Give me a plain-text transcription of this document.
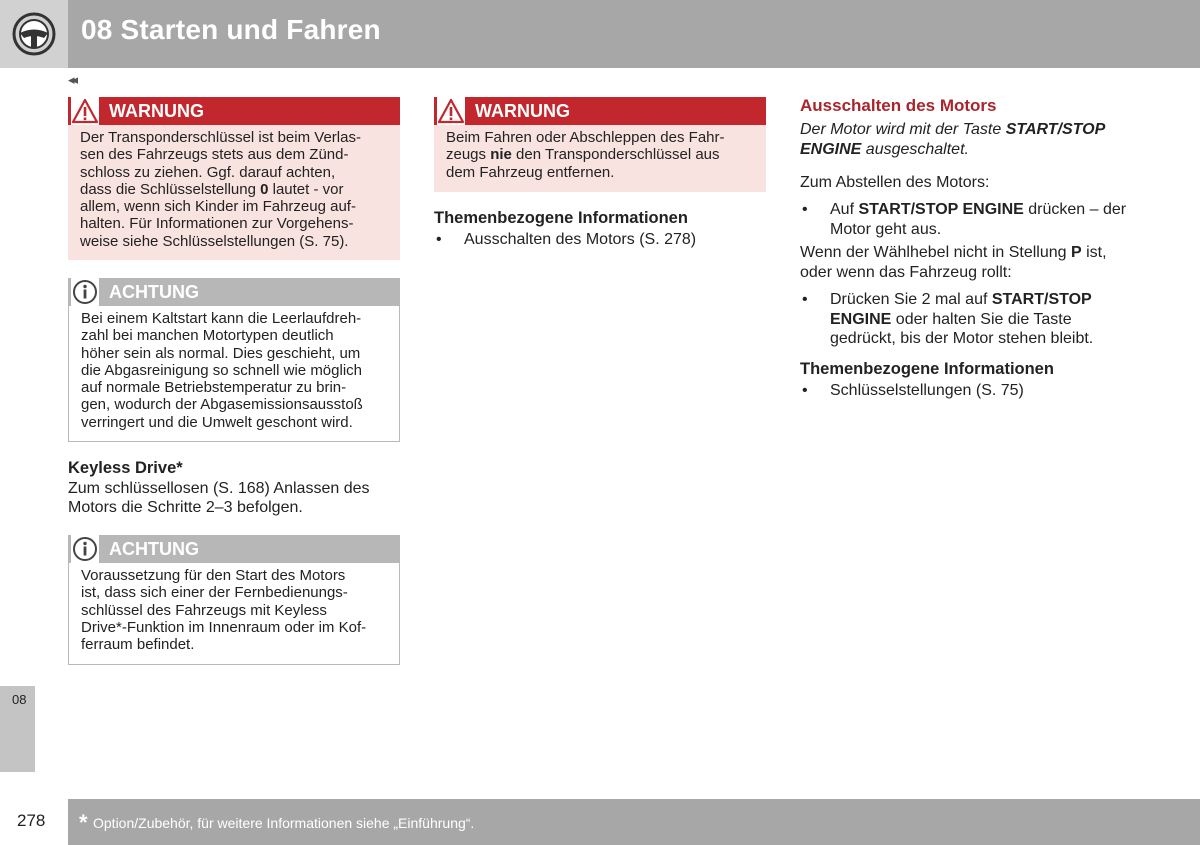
08 Starten und Fahren
◂◂
WARNUNG
Der Transponderschlüssel ist beim Verlas-
sen des Fahrzeugs stets aus dem Zünd-
schloss zu ziehen. Ggf. darauf achten,
dass die Schlüsselstellung 0 lautet - vor
allem, wenn sich Kinder im Fahrzeug auf-
halten. Für Informationen zur Vorgehens-
weise siehe Schlüsselstellungen (S. 75).
ACHTUNG
Bei einem Kaltstart kann die Leerlaufdreh-
zahl bei manchen Motortypen deutlich
höher sein als normal. Dies geschieht, um
die Abgasreinigung so schnell wie möglich
auf normale Betriebstemperatur zu brin-
gen, wodurch der Abgasemissionsausstoß
verringert und die Umwelt geschont wird.
Keyless Drive*
Zum schlüssellosen (S. 168) Anlassen des
Motors die Schritte 2–3 befolgen.
ACHTUNG
Voraussetzung für den Start des Motors
ist, dass sich einer der Fernbedienungs-
schlüssel des Fahrzeugs mit Keyless
Drive*-Funktion im Innenraum oder im Kof-
ferraum befindet.
WARNUNG
Beim Fahren oder Abschleppen des Fahr-
zeugs nie den Transponderschlüssel aus
dem Fahrzeug entfernen.
Themenbezogene Informationen
• Ausschalten des Motors (S. 278)
Ausschalten des Motors
Der Motor wird mit der Taste START/STOP
ENGINE ausgeschaltet.
Zum Abstellen des Motors:
• Auf START/STOP ENGINE drücken – der
Motor geht aus.
Wenn der Wählhebel nicht in Stellung P ist,
oder wenn das Fahrzeug rollt:
• Drücken Sie 2 mal auf START/STOP
ENGINE oder halten Sie die Taste
gedrückt, bis der Motor stehen bleibt.
Themenbezogene Informationen
• Schlüsselstellungen (S. 75)
08
278 * Option/Zubehör, für weitere Informationen siehe „Einführung“.
